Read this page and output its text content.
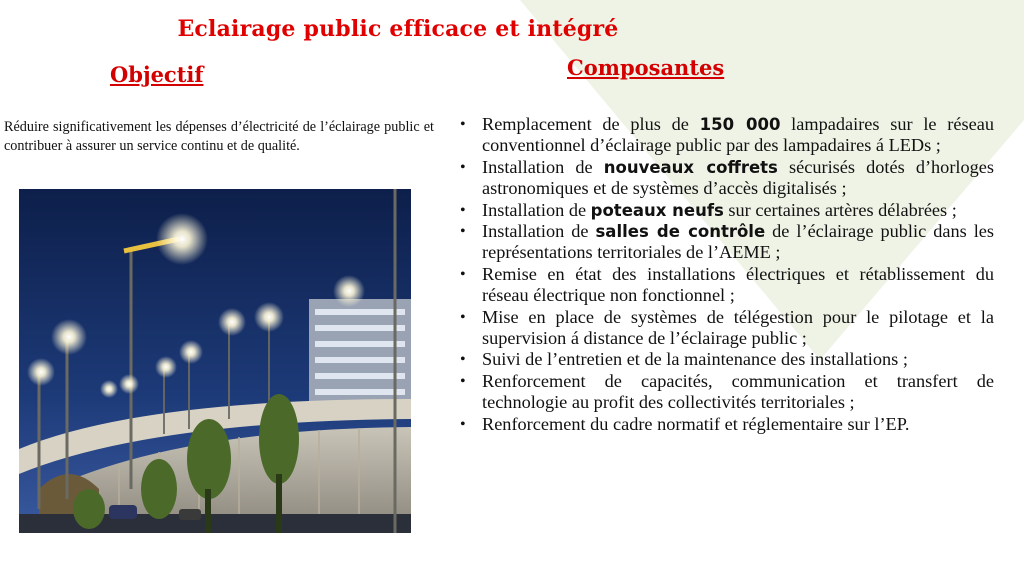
Eclairage public efficace et intégré
Objectif	Composantes
Réduire significativement les dépenses d’électricité de l’éclairage public et contribuer à assurer un service continu et de qualité.
• Remplacement de plus de 150 000 lampadaires sur le réseau conventionnel d’éclairage public par des lampadaires á LEDs ;
• Installation de nouveaux coffrets sécurisés dotés d’horloges astronomiques et de systèmes d’accès digitalisés ;
• Installation de poteaux neufs sur certaines artères délabrées ;
• Installation de salles de contrôle de l’éclairage public dans les représentations territoriales de l’AEME ;
• Remise en état des installations électriques et rétablissement du réseau électrique non fonctionnel ;
• Mise en place de systèmes de télégestion pour le pilotage et la supervision á distance de l’éclairage public ;
• Suivi de l’entretien et de la maintenance des installations ;
• Renforcement de capacités, communication et transfert de technologie au profit des collectivités territoriales ;
• Renforcement du cadre normatif et réglementaire sur l’EP.
